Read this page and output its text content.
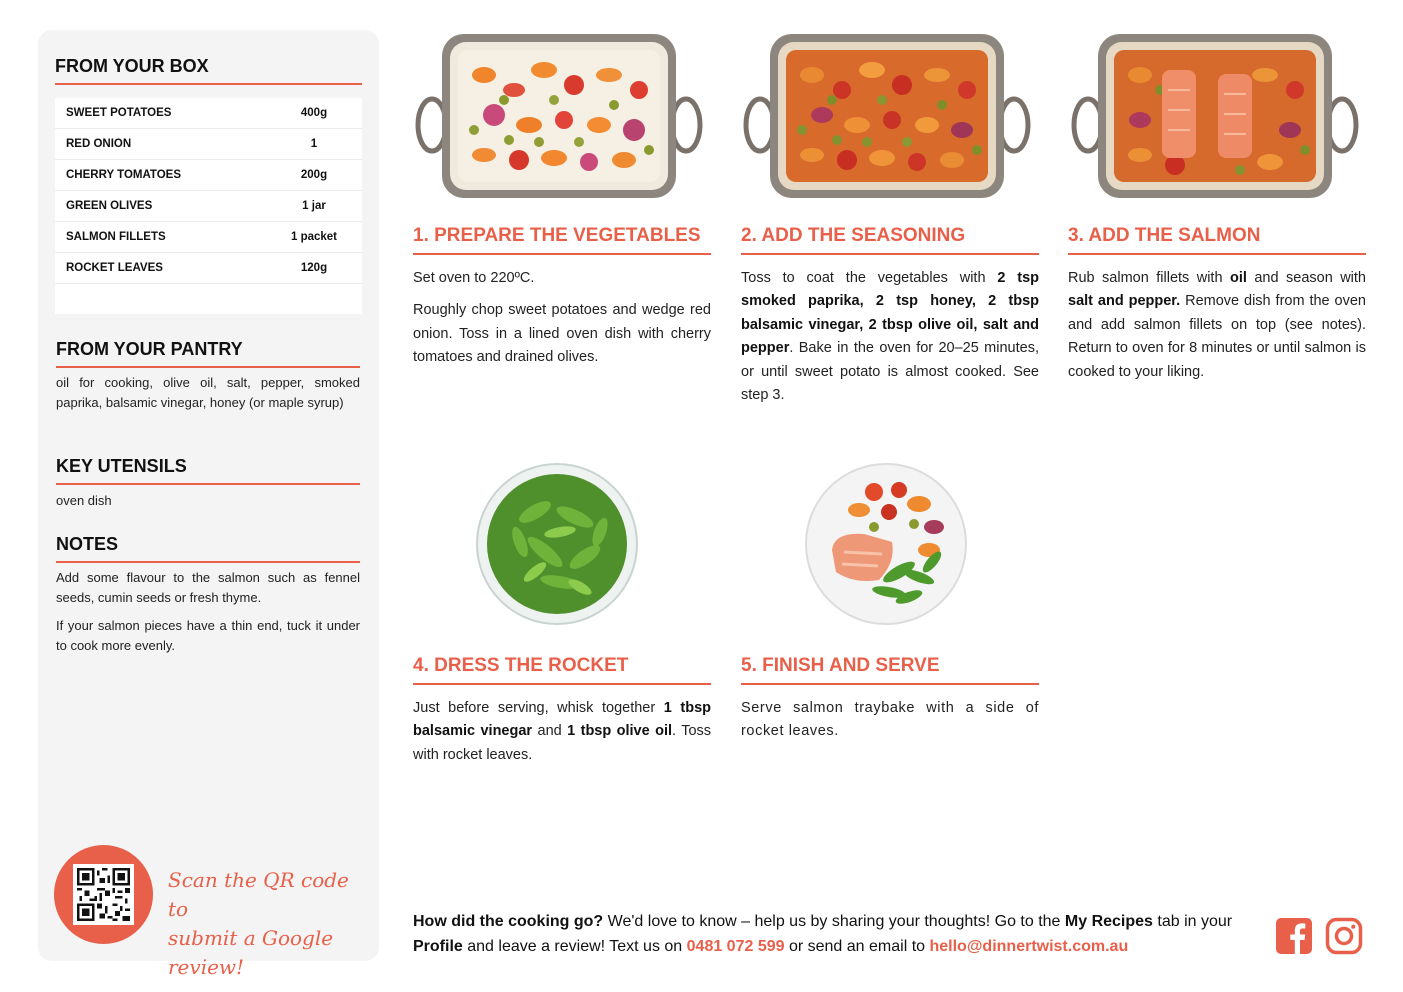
FROM YOUR BOX
SWEET POTATOES	400g
RED ONION	1
CHERRY TOMATOES	200g
GREEN OLIVES	1 jar
SALMON FILLETS	1 packet
ROCKET LEAVES	120g
FROM YOUR PANTRY
oil for cooking, olive oil, salt, pepper, smoked paprika, balsamic vinegar, honey (or maple syrup)
KEY UTENSILS
oven dish
NOTES

Add some flavour to the salmon such as fennel seeds, cumin seeds or fresh thyme.

If your salmon pieces have a thin end, tuck it under to cook more evenly.

Scan the QR code to
submit a Google review!
1. PREPARE THE VEGETABLES

Set oven to 220ºC.

Roughly chop sweet potatoes and wedge red onion. Toss in a lined oven dish with cherry tomatoes and drained olives.

2. ADD THE SEASONING

Toss to coat the vegetables with 2 tsp smoked paprika, 2 tsp honey, 2 tbsp balsamic vinegar, 2 tbsp olive oil, salt and pepper. Bake in the oven for 20–25 minutes, or until sweet potato is almost cooked. See step 3.

3. ADD THE SALMON

Rub salmon fillets with oil and season with salt and pepper. Remove dish from the oven and add salmon fillets on top (see notes). Return to oven for 8 minutes or until salmon is cooked to your liking.

4. DRESS THE ROCKET

Just before serving, whisk together 1 tbsp balsamic vinegar and 1 tbsp olive oil. Toss with rocket leaves.

5. FINISH AND SERVE

Serve salmon traybake with a side of rocket leaves.

How did the cooking go? We'd love to know – help us by sharing your thoughts! Go to the My Recipes tab in your Profile and leave a review! Text us on 0481 072 599 or send an email to hello@dinnertwist.com.au
